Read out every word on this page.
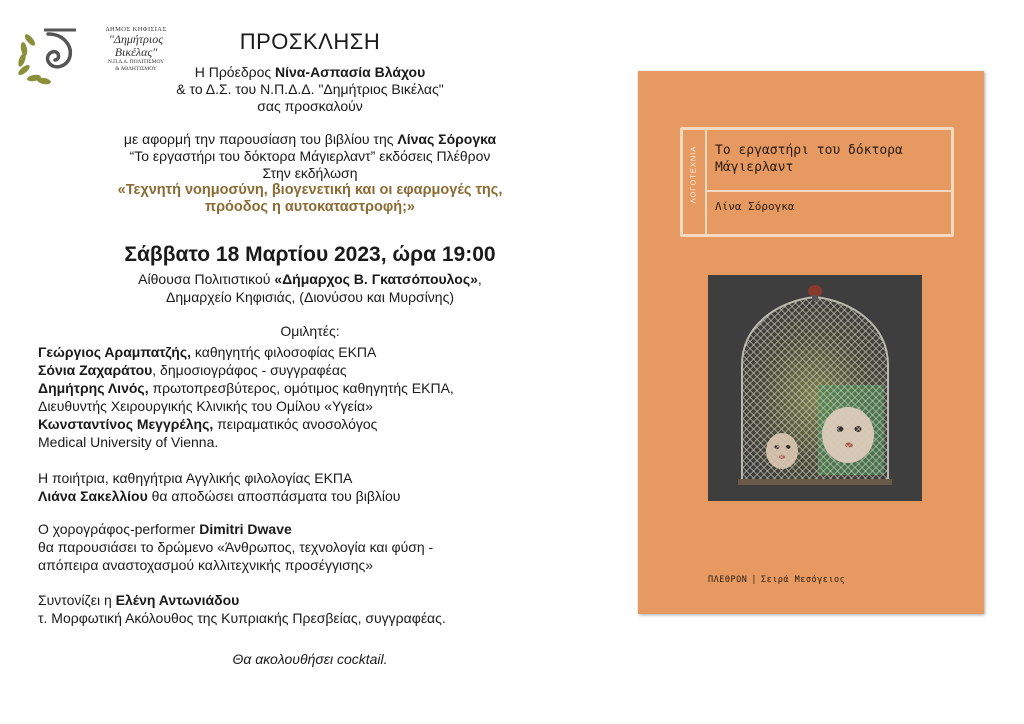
ΔΗΜΟΣ ΚΗΦΙΣΙΑΣ
"Δημήτριος
Βικέλας"
Ν.Π.Δ.Δ. ΠΟΛΙΤΙΣΜΟΥ
& ΑΘΛΗΤΙΣΜΟΥ
ΠΡΟΣΚΛΗΣΗ
Η Πρόεδρος Νίνα-Ασπασία Βλάχου
& το Δ.Σ. του Ν.Π.Δ.Δ. "Δημήτριος Βικέλας"
σας προσκαλούν
με αφορμή την παρουσίαση του βιβλίου της Λίνας Σόρογκα
“Το εργαστήρι του δόκτορα Μάγιερλαντ” εκδόσεις Πλέθρον
Στην εκδήλωση
«Τεχνητή νοημοσύνη, βιογενετική και οι εφαρμογές της,
πρόοδος η αυτοκαταστροφή;»
Σάββατο 18 Μαρτίου 2023, ώρα 19:00
Αίθουσα Πολιτιστικού «Δήμαρχος Β. Γκατσόπουλος»,
Δημαρχείο Κηφισιάς, (Διονύσου και Μυρσίνης)
Ομιλητές:
Γεώργιος Αραμπατζής, καθηγητής φιλοσοφίας ΕΚΠΑ
Σόνια Ζαχαράτου, δημοσιογράφος - συγγραφέας
Δημήτρης Λινός, πρωτοπρεσβύτερος, ομότιμος καθηγητής ΕΚΠΑ,
Διευθυντής Χειρουργικής Κλινικής του Ομίλου «Υγεία»
Κωνσταντίνος Μεγγρέλης, πειραματικός ανοσολόγος
Medical University of Vienna.
Η ποιήτρια, καθηγήτρια Αγγλικής φιλολογίας ΕΚΠΑ
Λιάνα Σακελλίου θα αποδώσει αποσπάσματα του βιβλίου
Ο χορογράφος-performer Dimitri Dwave
θα παρουσιάσει το δρώμενο «Άνθρωπος, τεχνολογία και φύση -
απόπειρα αναστοχασμού καλλιτεχνικής προσέγγισης»
Συντονίζει η Ελένη Αντωνιάδου
τ. Μορφωτική Ακόλουθος της Κυπριακής Πρεσβείας, συγγραφέας.
Θα ακολουθήσει cocktail.
ΛΟΓΟΤΕΧΝΙΑ Το εργαστήρι του δόκτορα Μάγιερλαντ
Λίνα Σόρογκα
ΠΛΕΘΡΟΝ | Σειρά Μεσόγειος
